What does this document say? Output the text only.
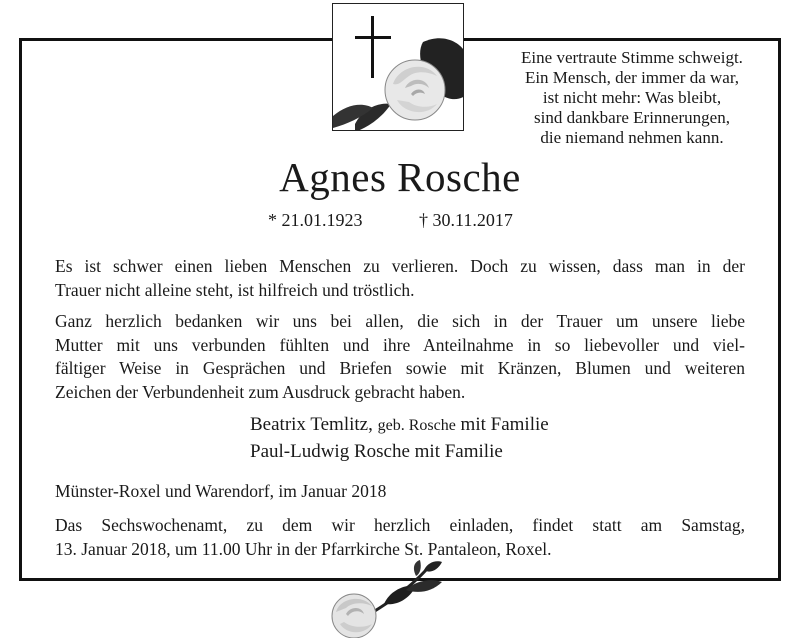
Eine vertraute Stimme schweigt.
Ein Mensch, der immer da war,
ist nicht mehr: Was bleibt,
sind dankbare Erinnerungen,
die niemand nehmen kann.
Agnes Rosche
* 21.01.1923	† 30.11.2017
Es ist schwer einen lieben Menschen zu verlieren. Doch zu wissen, dass man in der
Trauer nicht alleine steht, ist hilfreich und tröstlich.
Ganz herzlich bedanken wir uns bei allen, die sich in der Trauer um unsere liebe
Mutter mit uns verbunden fühlten und ihre Anteilnahme in so liebevoller und viel-
fältiger Weise in Gesprächen und Briefen sowie mit Kränzen, Blumen und weiteren
Zeichen der Verbundenheit zum Ausdruck gebracht haben.
Beatrix Temlitz, geb. Rosche mit Familie
Paul-Ludwig Rosche mit Familie
Münster-Roxel und Warendorf, im Januar 2018
Das Sechswochenamt, zu dem wir herzlich einladen, findet statt am Samstag,
13. Januar 2018, um 11.00 Uhr in der Pfarrkirche St. Pantaleon, Roxel.
